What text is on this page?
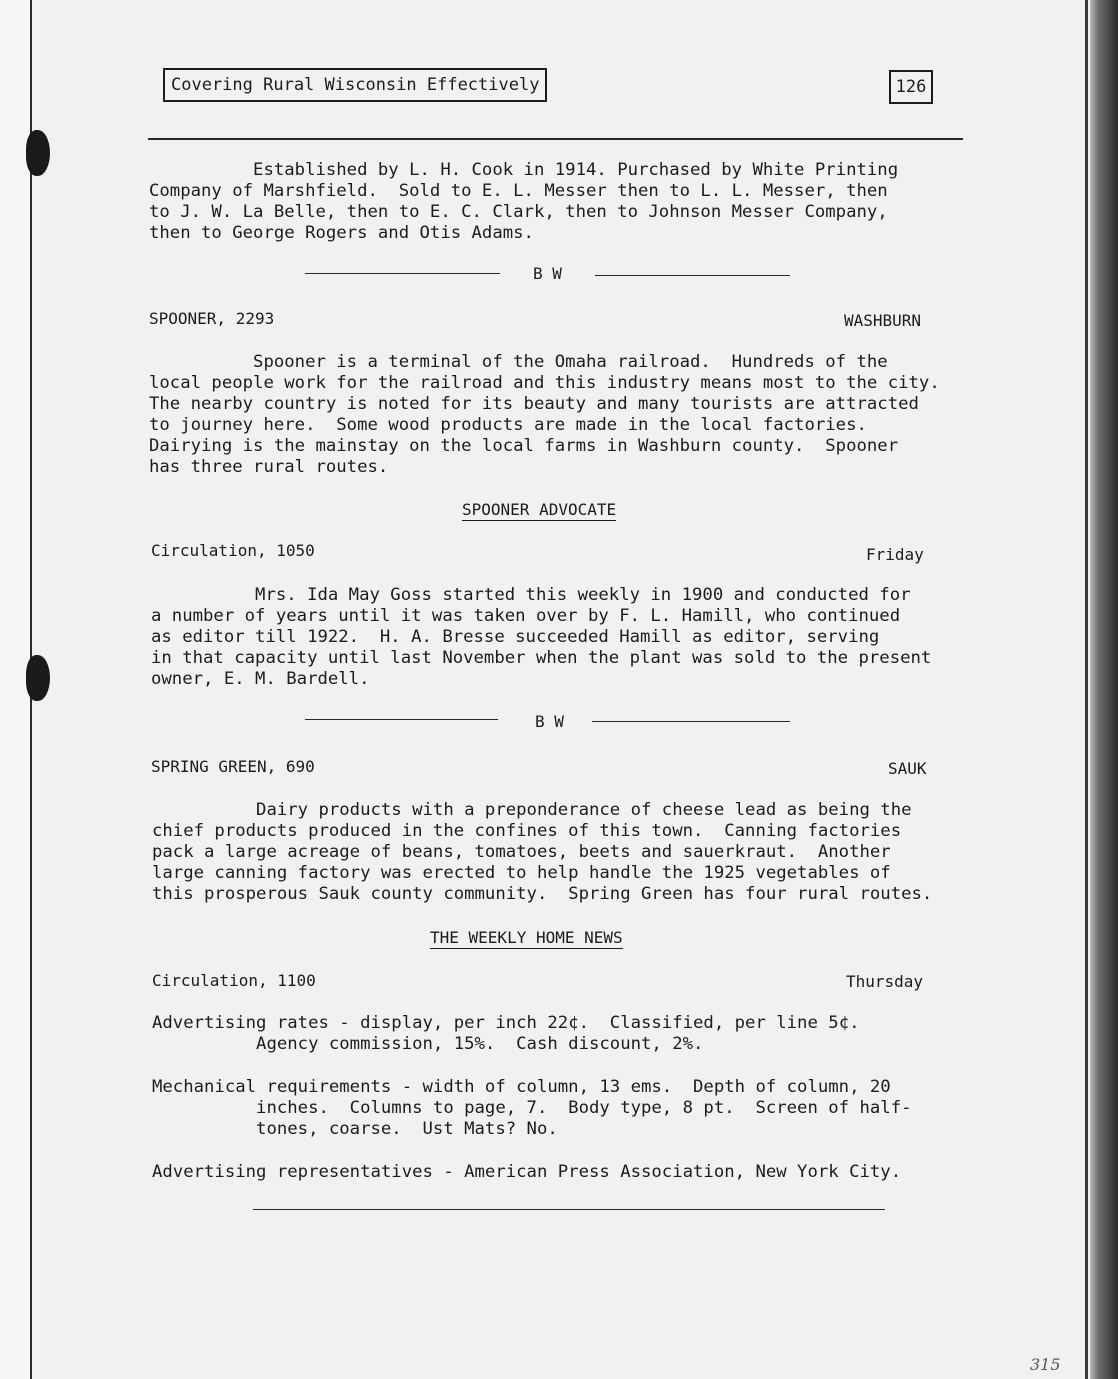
Covering Rural Wisconsin Effectively	126
Established by L. H. Cook in 1914. Purchased by White Printing
Company of Marshfield.  Sold to E. L. Messer then to L. L. Messer, then
to J. W. La Belle, then to E. C. Clark, then to Johnson Messer Company,
then to George Rogers and Otis Adams.
B W
SPOONER, 2293	WASHBURN
Spooner is a terminal of the Omaha railroad.  Hundreds of the
local people work for the railroad and this industry means most to the city.
The nearby country is noted for its beauty and many tourists are attracted
to journey here.  Some wood products are made in the local factories.
Dairying is the mainstay on the local farms in Washburn county.  Spooner
has three rural routes.
SPOONER ADVOCATE
Circulation, 1050	Friday
Mrs. Ida May Goss started this weekly in 1900 and conducted for
a number of years until it was taken over by F. L. Hamill, who continued
as editor till 1922.  H. A. Bresse succeeded Hamill as editor, serving
in that capacity until last November when the plant was sold to the present
owner, E. M. Bardell.
B W
SPRING GREEN, 690	SAUK
Dairy products with a preponderance of cheese lead as being the
chief products produced in the confines of this town.  Canning factories
pack a large acreage of beans, tomatoes, beets and sauerkraut.  Another
large canning factory was erected to help handle the 1925 vegetables of
this prosperous Sauk county community.  Spring Green has four rural routes.
THE WEEKLY HOME NEWS
Circulation, 1100	Thursday
Advertising rates - display, per inch 22¢.  Classified, per line 5¢.
Agency commission, 15%.  Cash discount, 2%.
Mechanical requirements - width of column, 13 ems.  Depth of column, 20
inches.  Columns to page, 7.  Body type, 8 pt.  Screen of half-
tones, coarse.  Ust Mats? No.
Advertising representatives - American Press Association, New York City.
315
